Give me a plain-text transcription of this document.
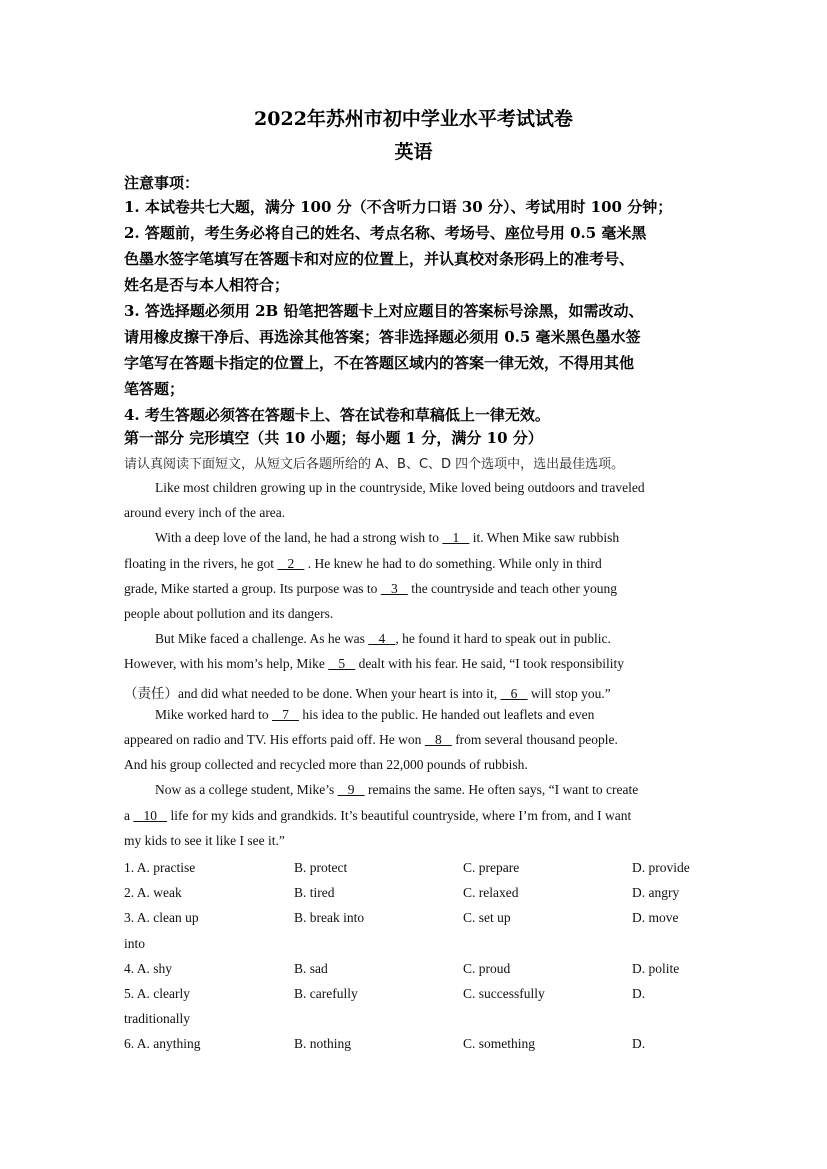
2022年苏州市初中学业水平考试试卷
英语
注意事项：
1. 本试卷共七大题，满分 100 分（不含听力口语 30 分）、考试用时 100 分钟；
2. 答题前，考生务必将自己的姓名、考点名称、考场号、座位号用 0.5 毫米黑
色墨水签字笔填写在答题卡和对应的位置上，并认真校对条形码上的准考号、
姓名是否与本人相符合；
3. 答选择题必须用 2B 铅笔把答题卡上对应题目的答案标号涂黑，如需改动、
请用橡皮擦干净后、再选涂其他答案；答非选择题必须用 0.5 毫米黑色墨水签
字笔写在答题卡指定的位置上，不在答题区域内的答案一律无效，不得用其他
笔答题；
4. 考生答题必须答在答题卡上、答在试卷和草稿低上一律无效。
第一部分 完形填空（共 10 小题；每小题 1 分，满分 10 分）
请认真阅读下面短文，从短文后各题所给的 A、B、C、D 四个选项中，选出最佳选项。
Like most children growing up in the countryside, Mike loved being outdoors and traveled
around every inch of the area.
With a deep love of the land, he had a strong wish to    1    it. When Mike saw rubbish
floating in the rivers, he got    2    . He knew he had to do something. While only in third
grade, Mike started a group. Its purpose was to    3    the countryside and teach other young
people about pollution and its dangers.
But Mike faced a challenge. As he was    4   , he found it hard to speak out in public.
However, with his mom’s help, Mike    5    dealt with his fear. He said, “I took responsibility
（责任）and did what needed to be done. When your heart is into it,    6    will stop you.”
Mike worked hard to    7    his idea to the public. He handed out leaflets and even
appeared on radio and TV. His efforts paid off. He won    8    from several thousand people.
And his group collected and recycled more than 22,000 pounds of rubbish.
Now as a college student, Mike’s    9    remains the same. He often says, “I want to create
a    10    life for my kids and grandkids. It’s beautiful countryside, where I’m from, and I want
my kids to see it like I see it.”
1. A. practise	B. protect	C. prepare	D. provide
2. A. weak	B. tired	C. relaxed	D. angry
3. A. clean up	B. break into	C. set up	D. move
into
4. A. shy	B. sad	C. proud	D. polite
5. A. clearly	B. carefully	C. successfully	D.
traditionally
6. A. anything	B. nothing	C. something	D.
